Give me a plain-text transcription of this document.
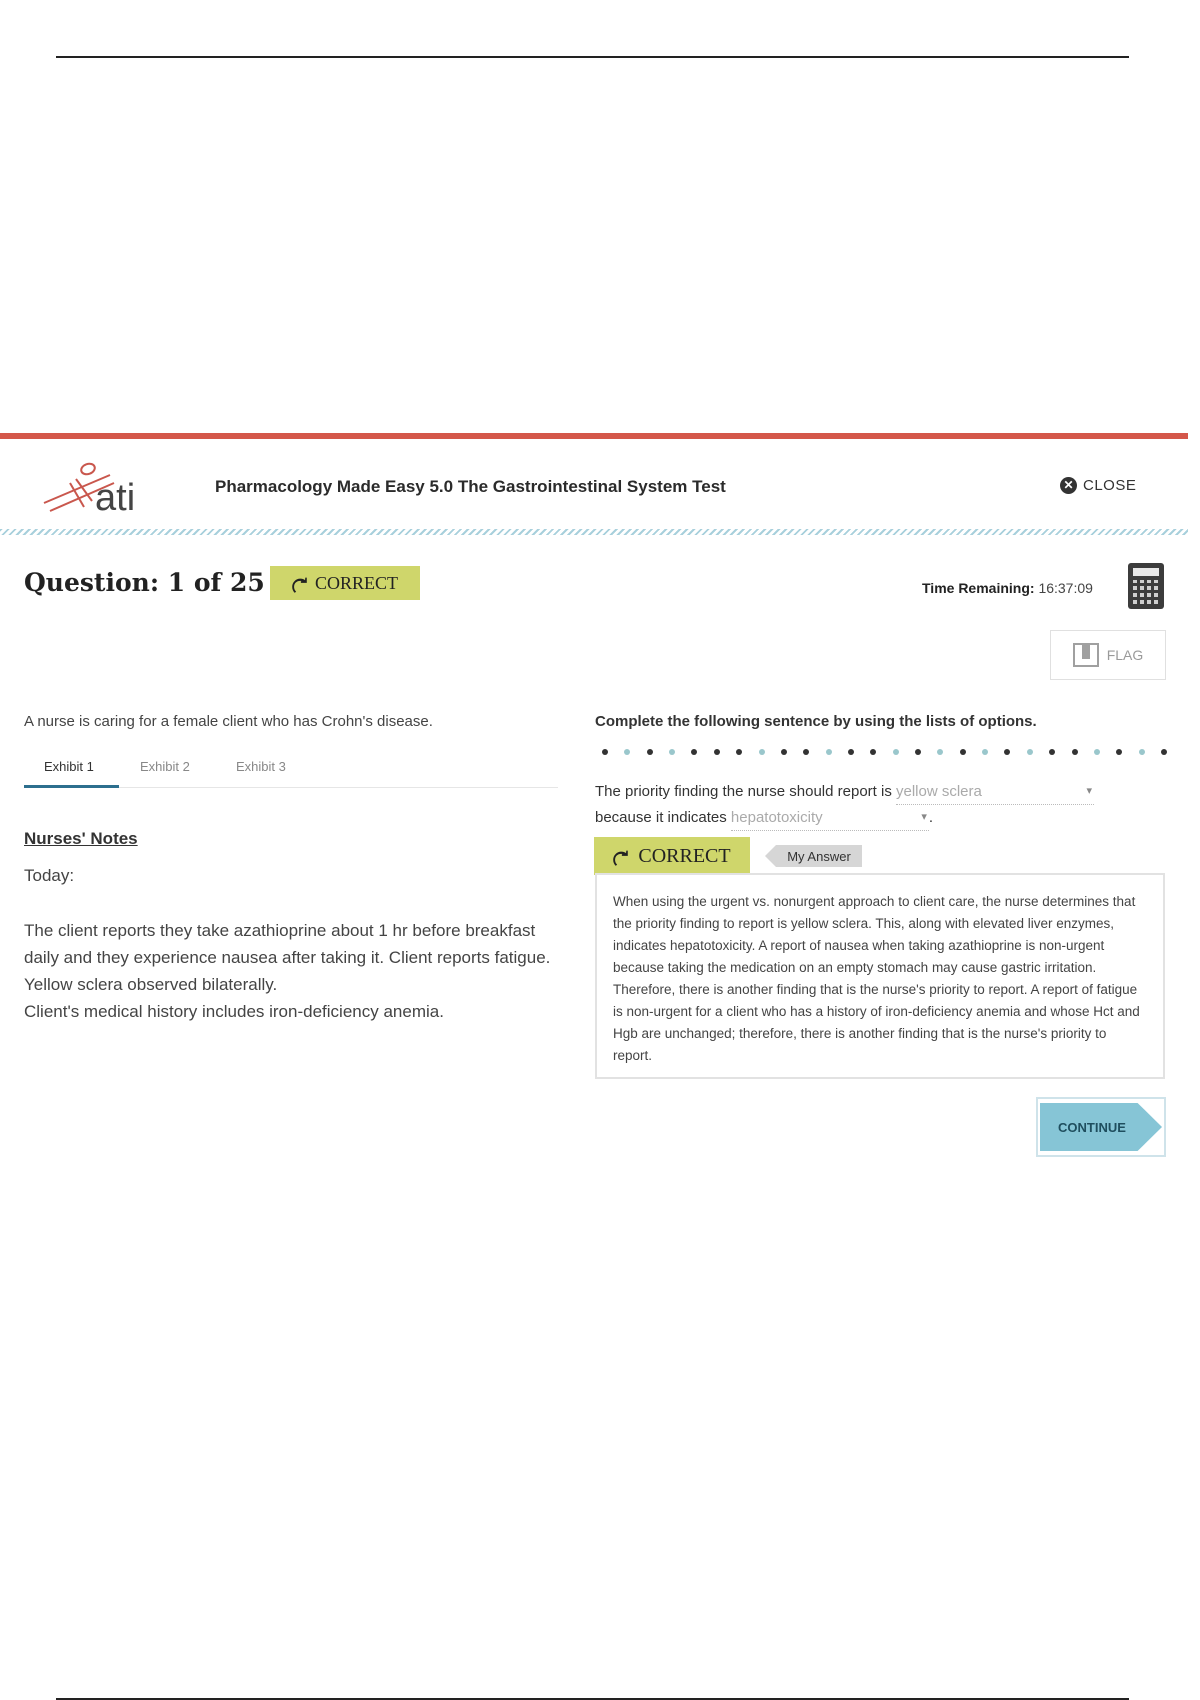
ati	Pharmacology Made Easy 5.0 The Gastrointestinal System Test	✕ CLOSE
Question: 1 of 25 ⤾ CORRECT	Time Remaining: 16:37:09
FLAG
A nurse is caring for a female client who has Crohn's disease.
Exhibit 1	Exhibit 2	Exhibit 3
Nurses' Notes
Today:
The client reports they take azathioprine about 1 hr before breakfast daily and they experience nausea after taking it. Client reports fatigue. Yellow sclera observed bilaterally.
Client's medical history includes iron-deficiency anemia.
Complete the following sentence by using the lists of options.
The priority finding the nurse should report is yellow sclera	▾

because it indicates hepatotoxicity	▾ .
⤾ CORRECT	My Answer
When using the urgent vs. nonurgent approach to client care, the nurse determines that the priority finding to report is yellow sclera. This, along with elevated liver enzymes, indicates hepatotoxicity. A report of nausea when taking azathioprine is non-urgent because taking the medication on an empty stomach may cause gastric irritation. Therefore, there is another finding that is the nurse's priority to report. A report of fatigue is non-urgent for a client who has a history of iron-deficiency anemia and whose Hct and Hgb are unchanged; therefore, there is another finding that is the nurse's priority to report.
CONTINUE
